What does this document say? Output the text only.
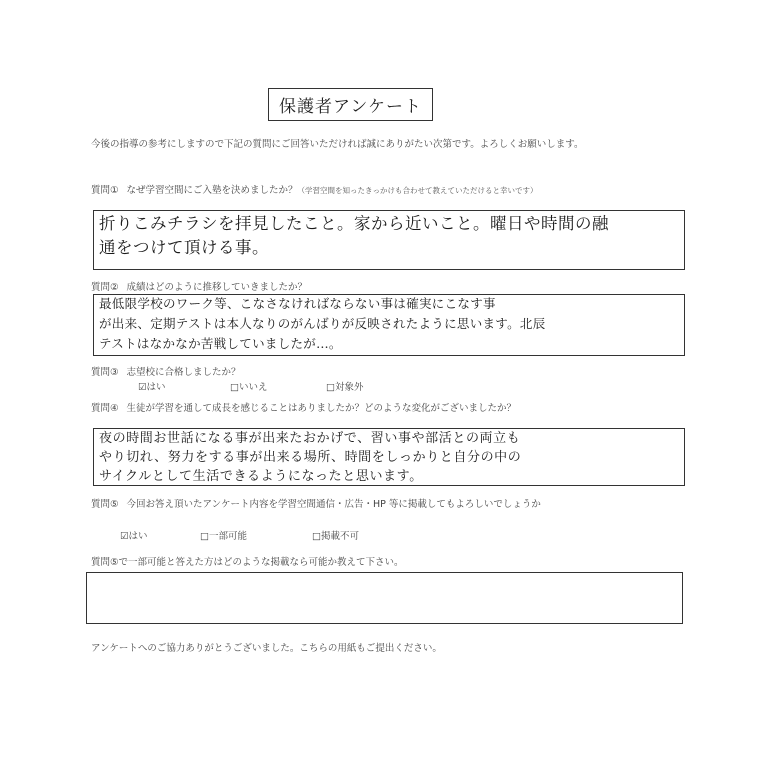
保護者アンケート
今後の指導の参考にしますので下記の質問にご回答いただければ誠にありがたい次第です。よろしくお願いします。
質問① なぜ学習空間にご入塾を決めましたか？（学習空間を知ったきっかけも合わせて教えていただけると幸いです）
折りこみチラシを拝見したこと。家から近いこと。曜日や時間の融
通をつけて頂ける事。
質問② 成績はどのように推移していきましたか？
最低限学校のワーク等、こなさなければならない事は確実にこなす事
が出来、定期テストは本人なりのがんばりが反映されたように思います。北辰
テストはなかなか苦戦していましたが…。
質問③ 志望校に合格しましたか？
☑はい	□いいえ	□対象外
質問④ 生徒が学習を通して成長を感じることはありましたか？どのような変化がございましたか？
夜の時間お世話になる事が出来たおかげで、習い事や部活との両立も
やり切れ、努力をする事が出来る場所、時間をしっかりと自分の中の
サイクルとして生活できるようになったと思います。
質問⑤ 今回お答え頂いたアンケート内容を学習空間通信・広告・HP 等に掲載してもよろしいでしょうか
☑はい	□一部可能	□掲載不可
質問⑤で一部可能と答えた方はどのような掲載なら可能か教えて下さい。
アンケートへのご協力ありがとうございました。こちらの用紙もご提出ください。
